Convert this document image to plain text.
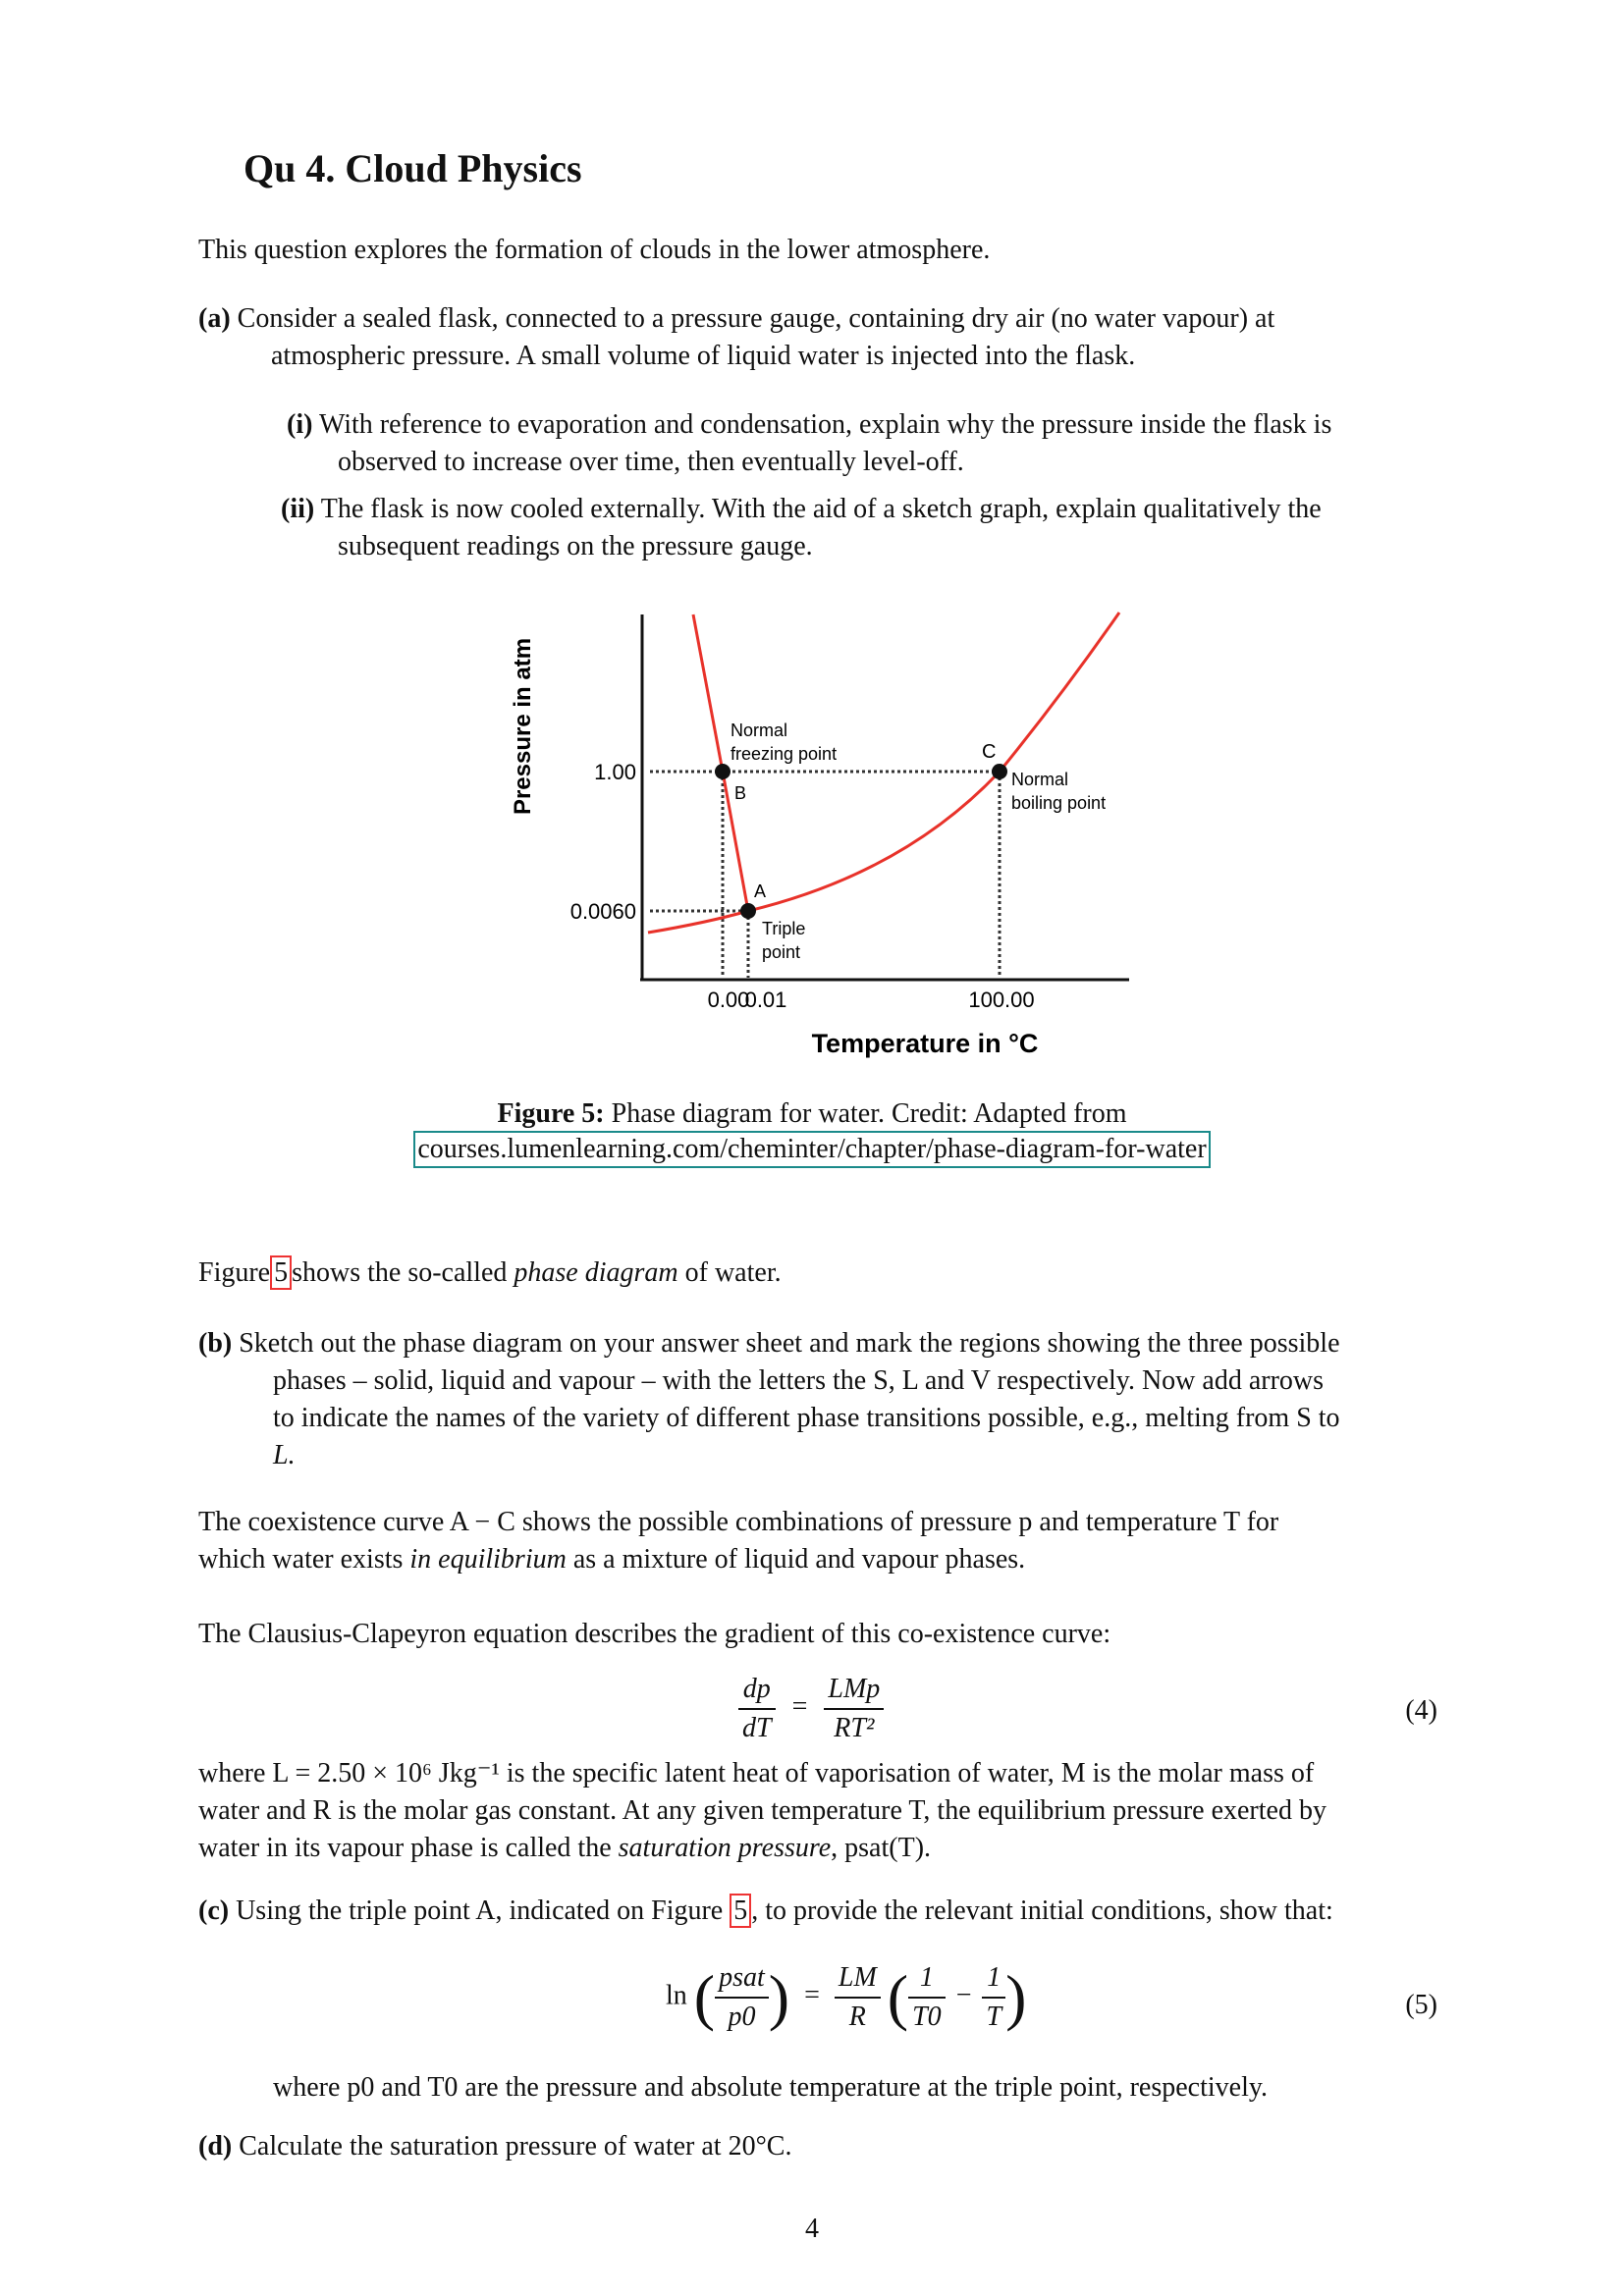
Qu 4. Cloud Physics
This question explores the formation of clouds in the lower atmosphere.
(a) Consider a sealed flask, connected to a pressure gauge, containing dry air (no water vapour) at
atmospheric pressure. A small volume of liquid water is injected into the flask.
(i) With reference to evaporation and condensation, explain why the pressure inside the flask is
observed to increase over time, then eventually level-off.
(ii) The flask is now cooled externally. With the aid of a sketch graph, explain qualitatively the
subsequent readings on the pressure gauge.
Pressure in atm	1.00
0.0060
0.00
0.01	100.00
Temperature in °C
Normal
freezing point
B
A
Triple
point
C
Normal
boiling point
Figure 5: Phase diagram for water. Credit: Adapted from
courses.lumenlearning.com/cheminter/chapter/phase-diagram-for-water
Figure 5 shows the so-called phase diagram of water.
(b) Sketch out the phase diagram on your answer sheet and mark the regions showing the three possible
phases – solid, liquid and vapour – with the letters the S, L and V respectively. Now add arrows
to indicate the names of the variety of different phase transitions possible, e.g., melting from S to
L.
The coexistence curve A − C shows the possible combinations of pressure p and temperature T for
which water exists in equilibrium as a mixture of liquid and vapour phases.
The Clausius-Clapeyron equation describes the gradient of this co-existence curve:
$\frac{dp}{dT} = \frac{\text{LMp}}{\text{RT²}}$	(4)
where L = 2.50 × 10⁶ Jkg⁻¹ is the specific latent heat of vaporisation of water, M is the molar mass of
water and R is the molar gas constant. At any given temperature T, the equilibrium pressure exerted by
water in its vapour phase is called the saturation pressure, psat(T).
(c) Using the triple point A, indicated on Figure 5 , to provide the relevant initial conditions, show that:
ln ( $\frac{\text{psat}}{p0}$ ) = $\frac{LM}{R}$ ( $\frac{1}{T0} - \frac{1}{T}$ )	(5)
where p0 and T0 are the pressure and absolute temperature at the triple point, respectively.
(d) Calculate the saturation pressure of water at 20°C.
4
